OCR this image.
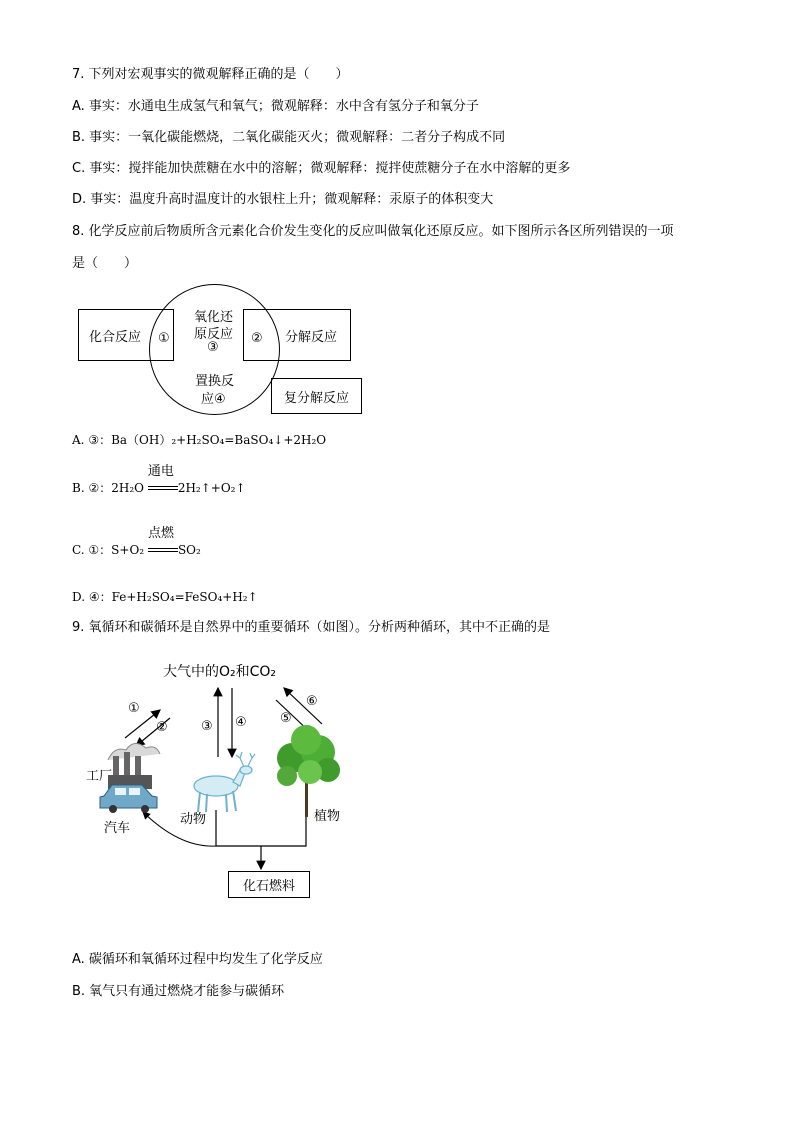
7. 下列对宏观事实的微观解释正确的是（　　）
A. 事实：水通电生成氢气和氧气；微观解释：水中含有氢分子和氧分子
B. 事实：一氧化碳能燃烧，二氧化碳能灭火；微观解释：二者分子构成不同
C. 事实：搅拌能加快蔗糖在水中的溶解；微观解释：搅拌使蔗糖分子在水中溶解的更多
D. 事实：温度升高时温度计的水银柱上升；微观解释：汞原子的体积变大
8. 化学反应前后物质所含元素化合价发生变化的反应叫做氧化还原反应。如下图所示各区所列错误的一项
是（　　）
化合反应	分解反应
复分解反应
氧化还
原反应
③
置换反
应④
①	②
A. ③：Ba（OH）₂+H₂SO₄=BaSO₄↓+2H₂O
B. ②：2H₂O
通电
2H₂↑+O₂↑
C. ①：S+O₂
点燃
SO₂
D. ④：Fe+H₂SO₄=FeSO₄+H₂↑
9. 氧循环和碳循环是自然界中的重要循环（如图）。分析两种循环，其中不正确的是
大气中的O₂和CO₂
①
②	③ ④	⑤
⑥
工厂
汽车
动物	植物
化石燃料
A. 碳循环和氧循环过程中均发生了化学反应
B. 氧气只有通过燃烧才能参与碳循环
